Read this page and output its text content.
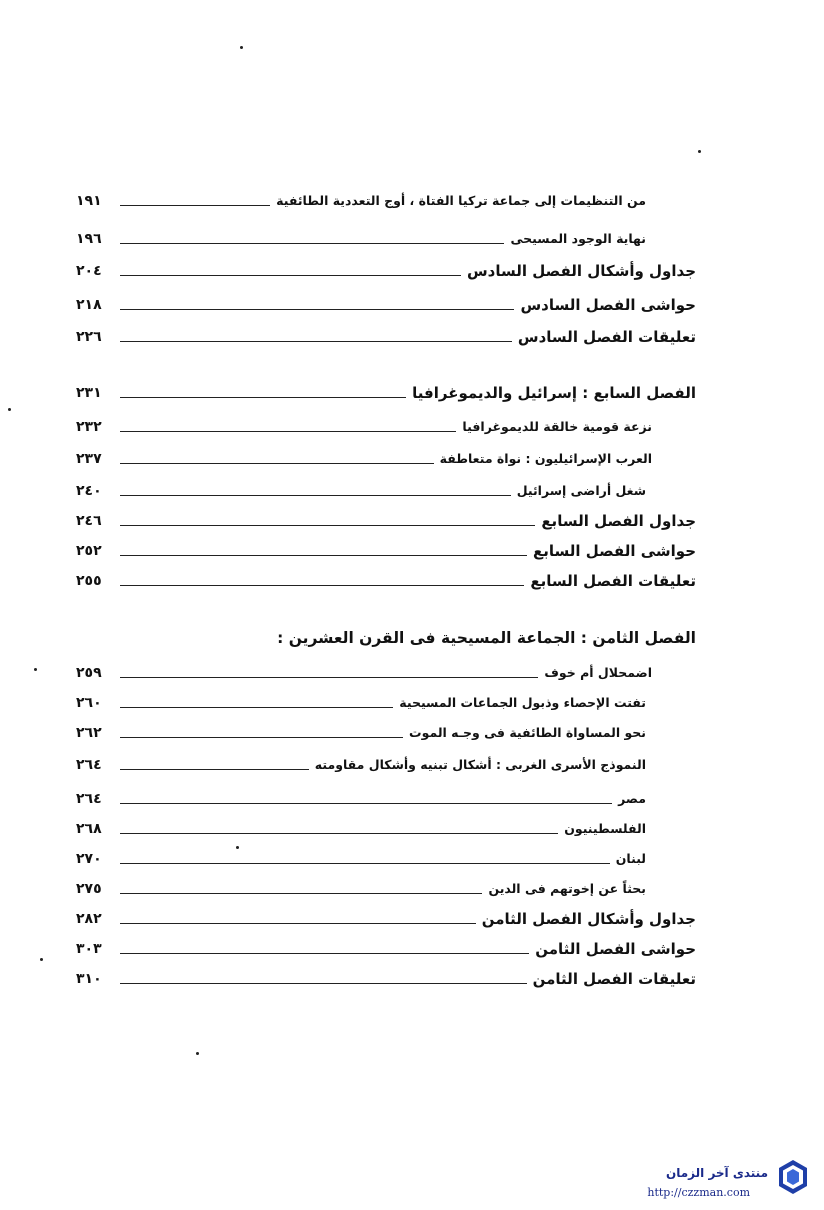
من التنظيمات إلى جماعة تركيا الفتاة ، أوج التعددية الطائفية
١٩١
نهاية الوجود المسيحى
١٩٦
جداول وأشكال الفصل السادس
٢٠٤
حواشى الفصل السادس
٢١٨
تعليقات الفصل السادس
٢٢٦
الفصل السابع : إسرائيل والديموغرافيا
٢٣١
نزعة قومية خالقة للديموغرافيا
٢٣٢
العرب الإسرائيليون : نواة متعاطفة
٢٣٧
شغل أراضى إسرائيل
٢٤٠
جداول الفصل السابع
٢٤٦
حواشى الفصل السابع
٢٥٢
تعليقات الفصل السابع
٢٥٥
الفصل الثامن : الجماعة المسيحية فى القرن العشرين :
اضمحلال أم خوف
٢٥٩
تفتت الإحصاء وذبول الجماعات المسيحية
٢٦٠
نحو المساواة الطائفية فى وجـه الموت
٢٦٢
النموذج الأسرى الغربى : أشكال تبنيه وأشكال مقاومته
٢٦٤
مصر
٢٦٤
الفلسطينيون
٢٦٨
لبنان
٢٧٠
بحثاً عن إخوتهم فى الدين
٢٧٥
جداول وأشكال الفصل الثامن
٢٨٢
حواشى الفصل الثامن
٣٠٣
تعليقات الفصل الثامن
٣١٠
منتدى آخر الزمان
http://czzman.com
